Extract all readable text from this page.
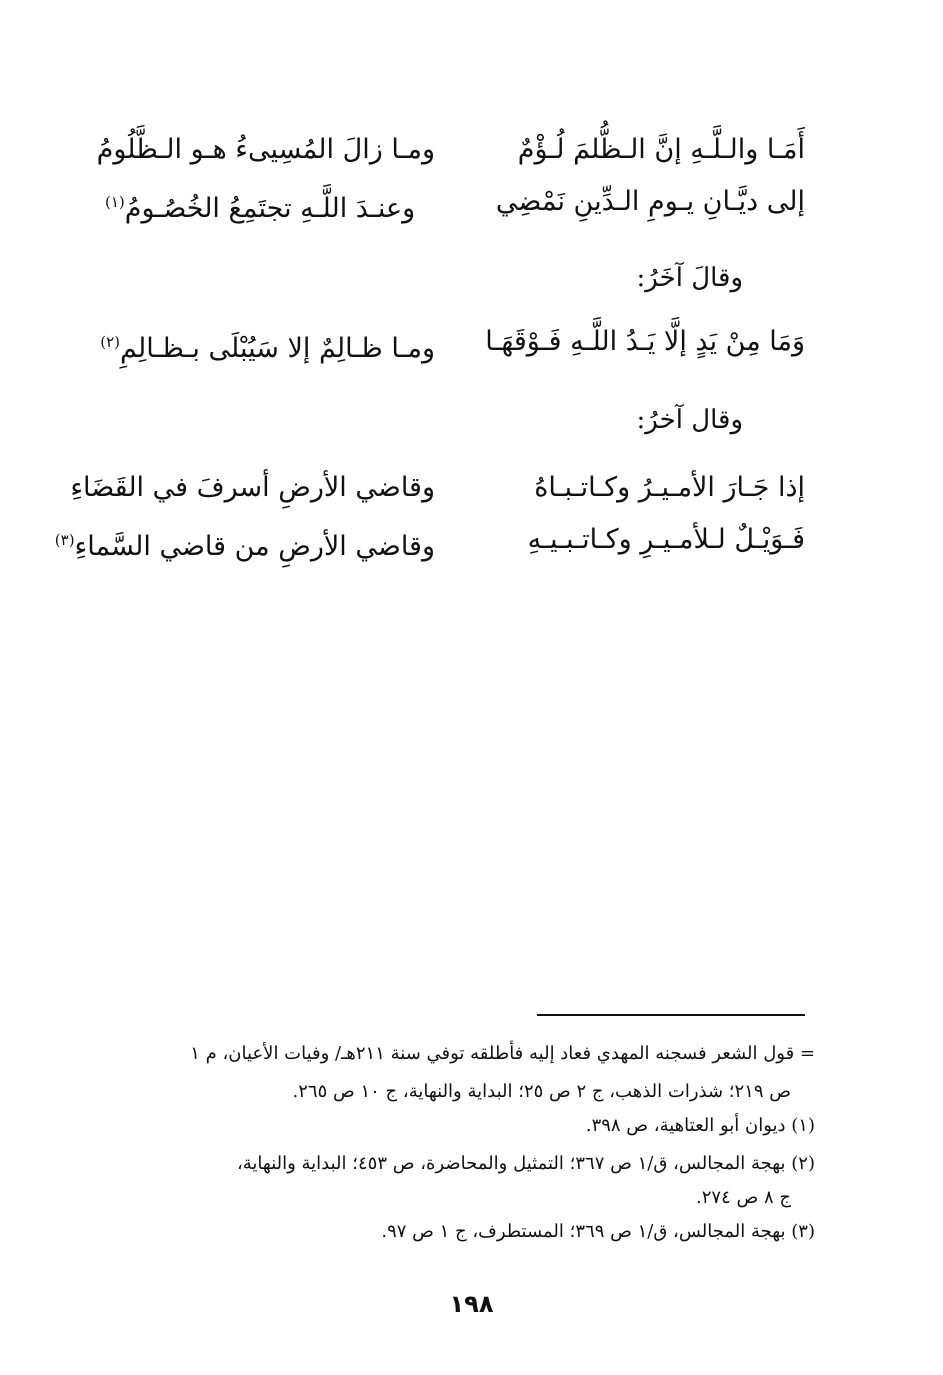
أَمَـا والـلَّـهِ إنَّ الـظُّلمَ لُـؤْمٌ
ومـا زالَ المُسِيىءُ هـو الـظَّلُومُ
إلى ديَّـانِ يـومِ الـدِّينِ نَمْضِي
وعنـدَ اللَّـهِ تجتَمِعُ الخُصُـومُ$^{(١)}$
وقالَ آخَرُ:
وَمَا مِنْ يَدٍ إلَّا يَـدُ اللَّـهِ فَـوْقَهَـا
ومـا ظـالِمٌ إلا سَيُبْلَى بـظـالِمِ$^{(٢)}$
وقال آخرُ:
إذا جَـارَ الأمـيـرُ وكـاتـبـاهُ
وقاضي الأرضِ أسرفَ في القَضَاءِ
فَـوَيْـلٌ لـلأمـيـرِ وكـاتـبـيـهِ
وقاضي الأرضِ من قاضي السَّماءِ$^{(٣)}$
= قول الشعر فسجنه المهدي فعاد إليه فأطلقه توفي سنة ٢١١هـ/ وفيات الأعيان، م ١
ص ٢١٩؛ شذرات الذهب، ج ٢ ص ٢٥؛ البداية والنهاية، ج ١٠ ص ٢٦٥.
(١) ديوان أبو العتاهية، ص ٣٩٨.
(٢) بهجة المجالس، ق/١ ص ٣٦٧؛ التمثيل والمحاضرة، ص ٤٥٣؛ البداية والنهاية،
ج ٨ ص ٢٧٤.
(٣) بهجة المجالس، ق/١ ص ٣٦٩؛ المستطرف، ج ١ ص ٩٧.
١٩٨
